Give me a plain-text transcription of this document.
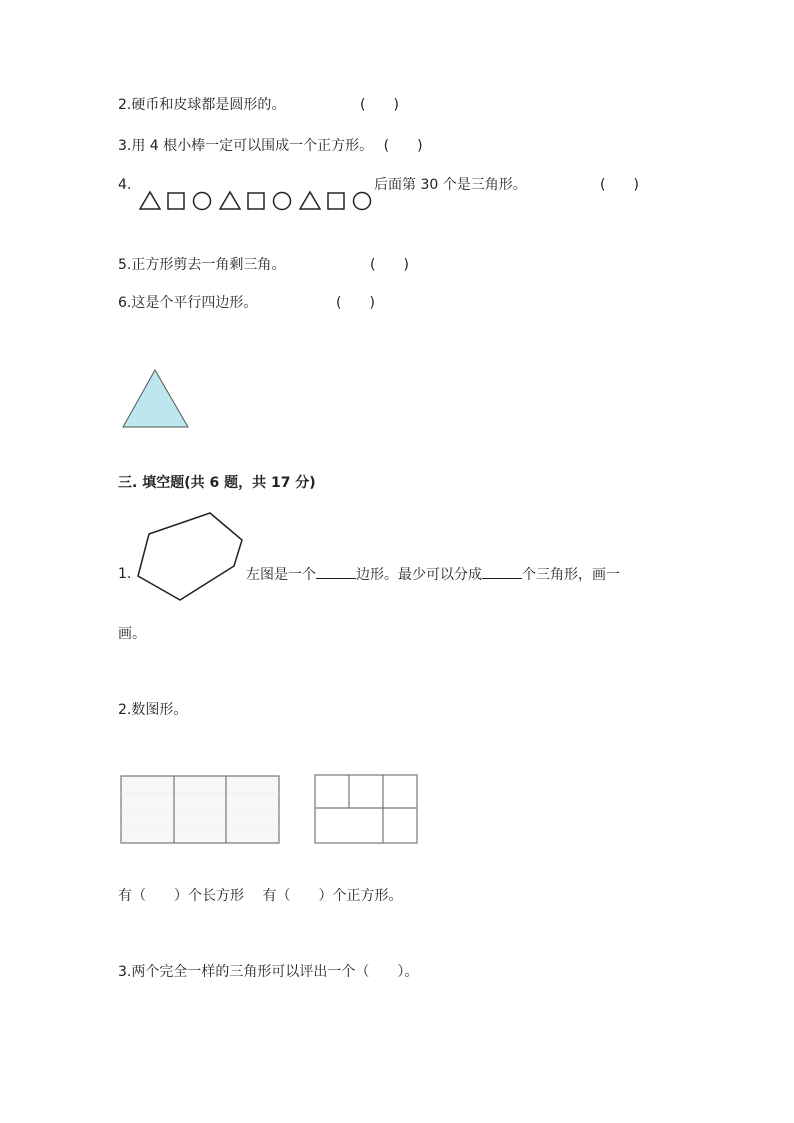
2.硬币和皮球都是圆形的。	(　　)
3.用 4 根小棒一定可以围成一个正方形。 (　　)
4.	后面第 30 个是三角形。	(　　)
5.正方形剪去一角剩三角。	(　　)
6.这是个平行四边形。	(　　)
三. 填空题(共 6 题，共 17 分)
1.	左图是一个	边形。最少可以分成	个三角形，画一
画。
2.数图形。
有（　　）个长方形 有（　　）个正方形。
3.两个完全一样的三角形可以评出一个（　　）。
